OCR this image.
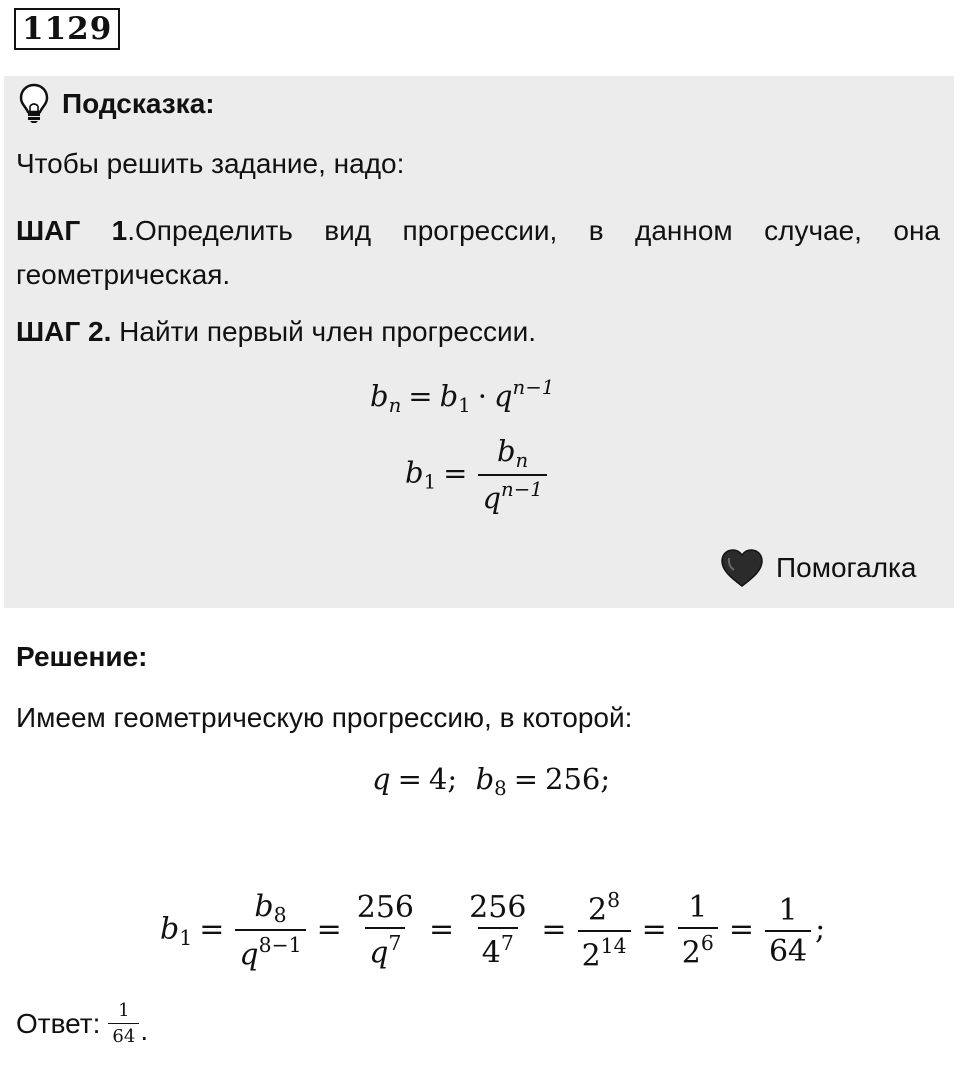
1129
Подсказка:
Чтобы решить задание, надо:
ШАГ 1.Определить вид прогрессии, в данном случае, она геометрическая.
ШАГ 2. Найти первый член прогрессии.
$b_n = b_1 \cdot q^{n-1}$
$b_1 = \frac{b_n}{q^{n-1}}$
Помогалка
Решение:
Имеем геометрическую прогрессию, в которой:
q = 4; $b_8 = 256$;
$b_1 = \frac{b_8}{q^{8-1}} = \frac{256}{q^7} = \frac{256}{4^7} = \frac{2^8}{2^{14}} = \frac{1}{2^6} = \frac{1}{64}$ ;
Ответ: $\frac{1}{64}$ .
